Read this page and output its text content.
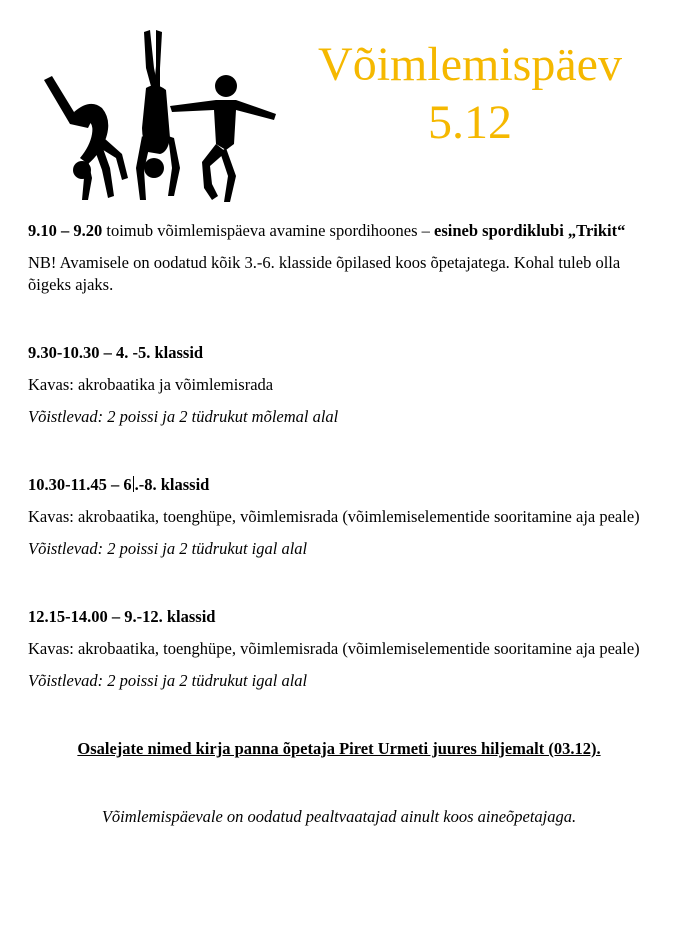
Võimlemispäev
5.12

9.10 – 9.20 toimub võimlemispäeva avamine spordihoones – esineb spordiklubi „Trikit“

NB! Avamisele on oodatud kõik 3.-6. klasside õpilased koos õpetajatega. Kohal tuleb olla õigeks ajaks.

9.30-10.30 – 4. -5. klassid

Kavas: akrobaatika ja võimlemisrada

Võistlevad: 2 poissi ja 2 tüdrukut mõlemal alal

10.30-11.45 – 6 .-8. klassid

Kavas: akrobaatika, toenghüpe, võimlemisrada (võimlemiselementide sooritamine aja peale)

Võistlevad: 2 poissi ja 2 tüdrukut igal alal

12.15-14.00 – 9.-12. klassid

Kavas: akrobaatika, toenghüpe, võimlemisrada (võimlemiselementide sooritamine aja peale)

Võistlevad: 2 poissi ja 2 tüdrukut igal alal

Osalejate nimed kirja panna õpetaja Piret Urmeti juures hiljemalt (03.12).

Võimlemispäevale on oodatud pealtvaatajad ainult koos aineõpetajaga.
